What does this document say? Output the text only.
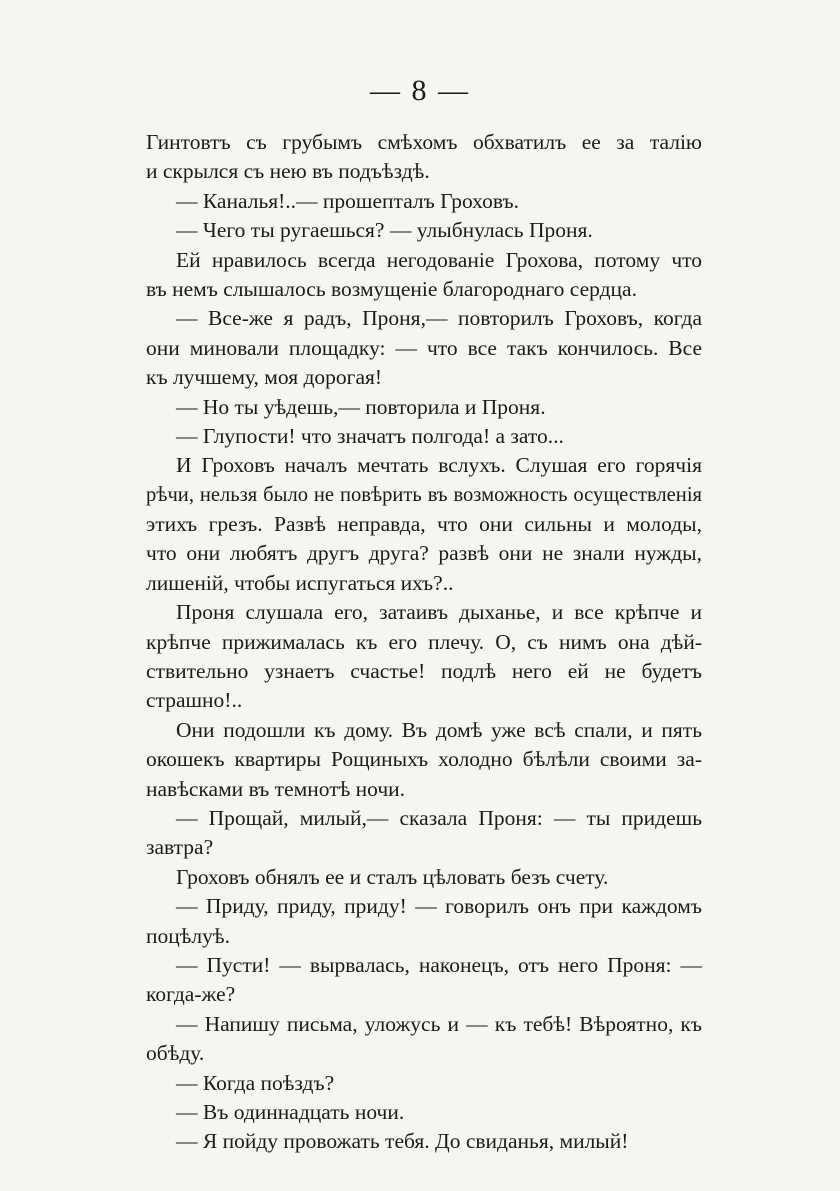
— 8 —
Гинтовтъ съ грубымъ смѣхомъ обхватилъ ее за талію
и скрылся съ нею въ подъѣздѣ.
— Каналья!..— прошепталъ Гроховъ.
— Чего ты ругаешься? — улыбнулась Проня.
Ей нравилось всегда негодованіе Грохова, потому что
въ немъ слышалось возмущеніе благороднаго сердца.
— Все-же я радъ, Проня,— повторилъ Гроховъ, когда
они миновали площадку: — что все такъ кончилось. Все
къ лучшему, моя дорогая!
— Но ты уѣдешь,— повторила и Проня.
— Глупости! что значатъ полгода! а зато...
И Гроховъ началъ мечтать вслухъ. Слушая его горячія
рѣчи, нельзя было не повѣрить въ возможность осуществленія
этихъ грезъ. Развѣ неправда, что они сильны и молоды,
что они любятъ другъ друга? развѣ они не знали нужды,
лишеній, чтобы испугаться ихъ?..
Проня слушала его, затаивъ дыханье, и все крѣпче и
крѣпче прижималась къ его плечу. О, съ нимъ она дѣй-
ствительно узнаетъ счастье! подлѣ него ей не будетъ
страшно!..
Они подошли къ дому. Въ домѣ уже всѣ спали, и пять
окошекъ квартиры Рощиныхъ холодно бѣлѣли своими за-
навѣсками въ темнотѣ ночи.
— Прощай, милый,— сказала Проня: — ты придешь
завтра?
Гроховъ обнялъ ее и сталъ цѣловать безъ счету.
— Приду, приду, приду! — говорилъ онъ при каждомъ
поцѣлуѣ.
— Пусти! — вырвалась, наконецъ, отъ него Проня: —
когда-же?
— Напишу письма, уложусь и — къ тебѣ! Вѣроятно, къ
обѣду.
— Когда поѣздъ?
— Въ одиннадцать ночи.
— Я пойду провожать тебя. До свиданья, милый!
